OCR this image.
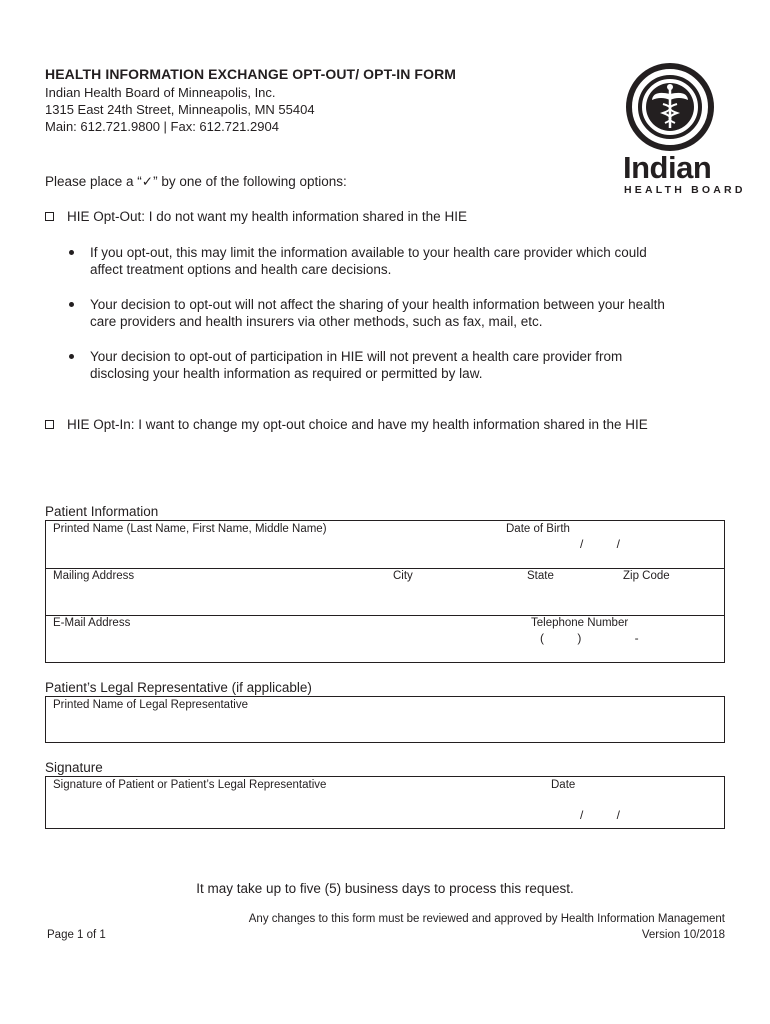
HEALTH INFORMATION EXCHANGE OPT-OUT/ OPT-IN FORM
Indian Health Board of Minneapolis, Inc.
1315 East 24th Street, Minneapolis, MN 55404
Main: 612.721.9800 | Fax: 612.721.2904
Indian
HEALTH BOARD
Please place a “✓” by one of the following options:
HIE Opt-Out: I do not want my health information shared in the HIE
If you opt-out, this may limit the information available to your health care provider which could
affect treatment options and health care decisions.
Your decision to opt-out will not affect the sharing of your health information between your health
care providers and health insurers via other methods, such as fax, mail, etc.
Your decision to opt-out of participation in HIE will not prevent a health care provider from
disclosing your health information as required or permitted by law.
HIE Opt-In: I want to change my opt-out choice and have my health information shared in the HIE
Patient Information
Printed Name (Last Name, First Name, Middle Name)	Date of Birth
/          /
Mailing Address	City	State	Zip Code
E-Mail Address	Telephone Number
(          )                -
Patient’s Legal Representative (if applicable)
Printed Name of Legal Representative
Signature
Signature of Patient or Patient’s Legal Representative	Date
/          /
It may take up to five (5) business days to process this request.
Any changes to this form must be reviewed and approved by Health Information Management
Page 1 of 1	Version 10/2018
